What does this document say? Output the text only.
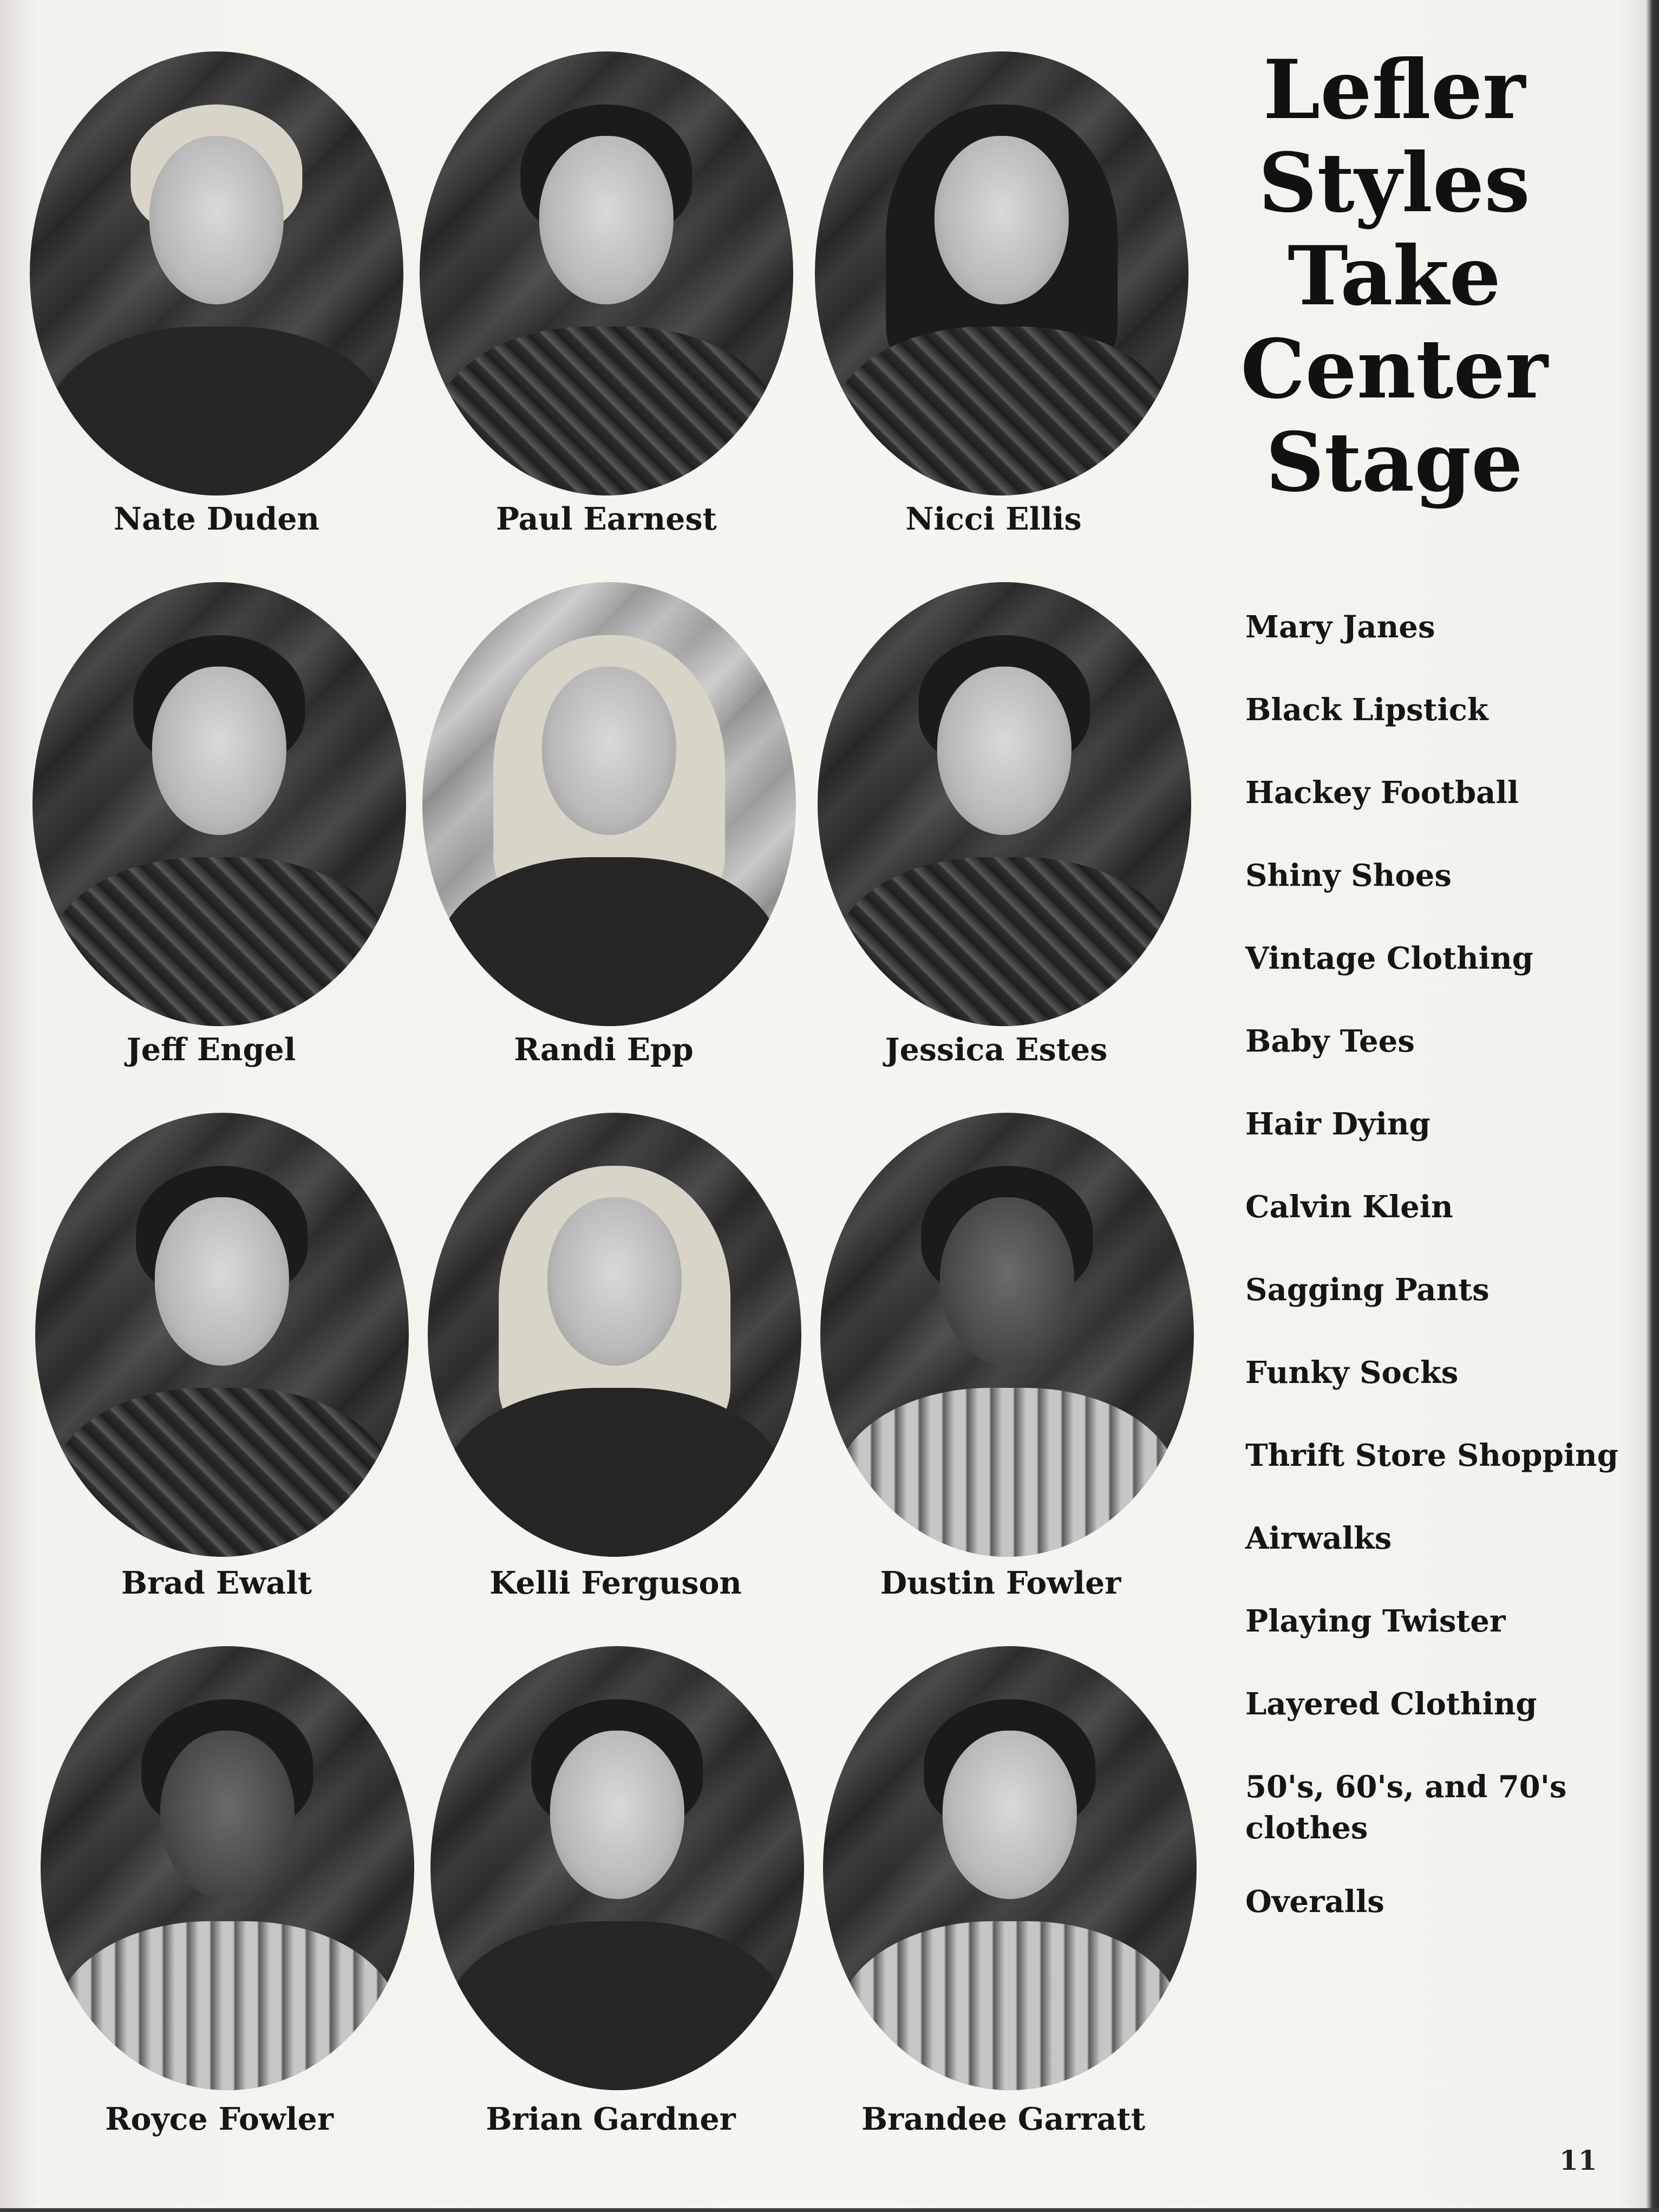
Nate Duden	Paul Earnest	Nicci Ellis
Jeff Engel	Randi Epp	Jessica Estes
Brad Ewalt	Kelli Ferguson	Dustin Fowler
Royce Fowler	Brian Gardner	Brandee Garratt
Lefler
Styles
Take
Center
Stage
Mary Janes
Black Lipstick
Hackey Football
Shiny Shoes
Vintage Clothing
Baby Tees
Hair Dying
Calvin Klein
Sagging Pants
Funky Socks
Thrift Store Shopping
Airwalks
Playing Twister
Layered Clothing
50's, 60's, and 70's clothes
Overalls
11
